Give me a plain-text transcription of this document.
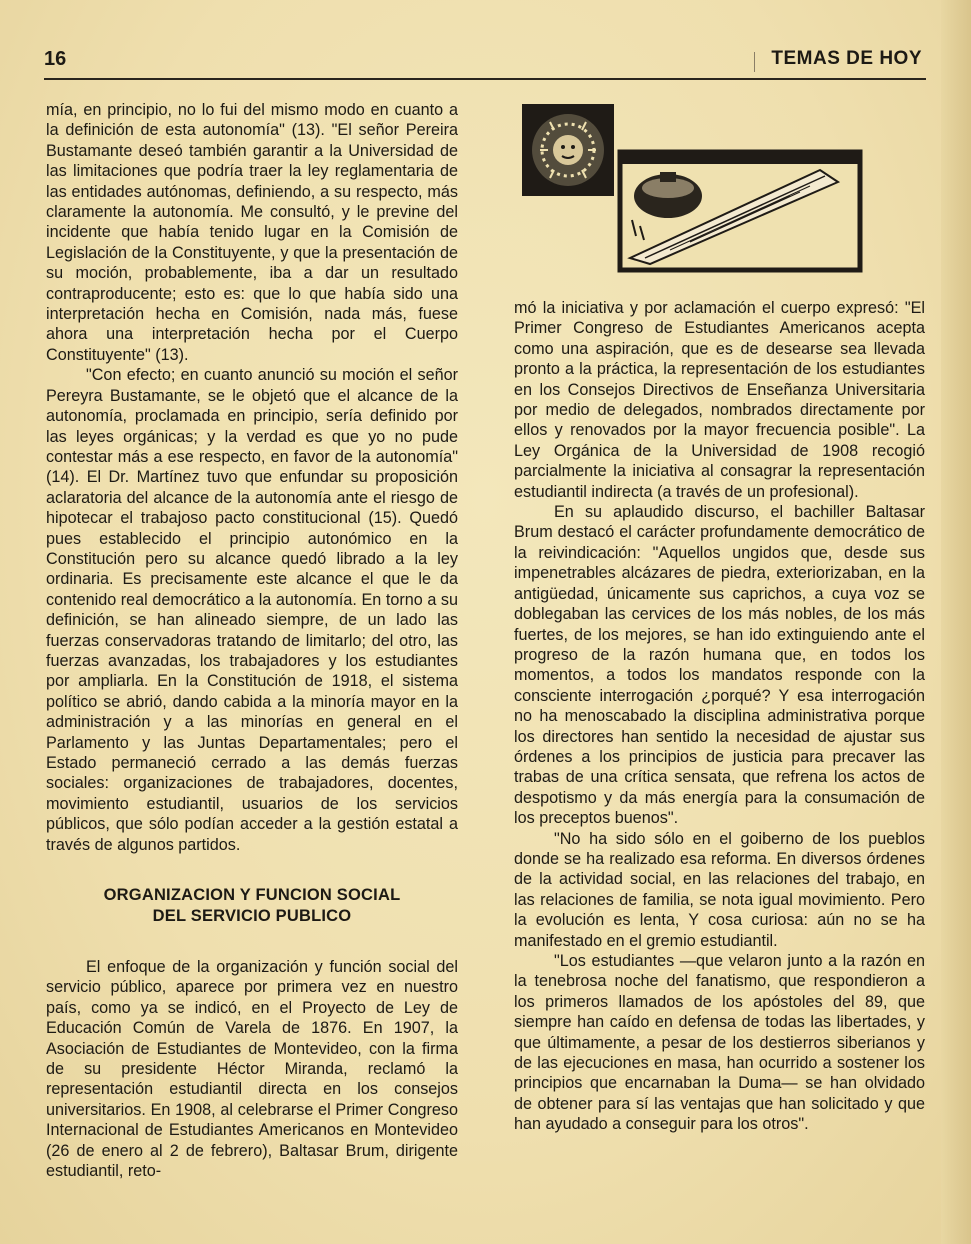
16	TEMAS DE HOY

mía, en principio, no lo fui del mismo modo en cuanto a la definición de esta autonomía" (13). "El señor Pereira Bustamante deseó también garantir a la Universidad de las limitaciones que podría traer la ley reglamentaria de las entidades autónomas, definiendo, a su respecto, más claramente la autonomía. Me consultó, y le previne del incidente que había tenido lugar en la Comisión de Legislación de la Constituyente, y que la presentación de su moción, probablemente, iba a dar un resultado contraproducente; esto es: que lo que había sido una interpretación hecha en Comisión, nada más, fuese ahora una interpretación hecha por el Cuerpo Constituyente" (13).

"Con efecto; en cuanto anunció su moción el señor Pereyra Bustamante, se le objetó que el alcance de la autonomía, proclamada en principio, sería definido por las leyes orgánicas; y la verdad es que yo no pude contestar más a ese respecto, en favor de la autonomía" (14). El Dr. Martínez tuvo que enfundar su proposición aclaratoria del alcance de la autonomía ante el riesgo de hipotecar el trabajoso pacto constitucional (15). Quedó pues establecido el principio autonómico en la Constitución pero su alcance quedó librado a la ley ordinaria. Es precisamente este alcance el que le da contenido real democrático a la autonomía. En torno a su definición, se han alineado siempre, de un lado las fuerzas conservadoras tratando de limitarlo; del otro, las fuerzas avanzadas, los trabajadores y los estudiantes por ampliarla. En la Constitución de 1918, el sistema político se abrió, dando cabida a la minoría mayor en la administración y a las minorías en general en el Parlamento y las Juntas Departamentales; pero el Estado permaneció cerrado a las demás fuerzas sociales: organizaciones de trabajadores, docentes, movimiento estudiantil, usuarios de los servicios públicos, que sólo podían acceder a la gestión estatal a través de algunos partidos.

ORGANIZACION Y FUNCION SOCIAL
DEL SERVICIO PUBLICO

El enfoque de la organización y función social del servicio público, aparece por primera vez en nuestro país, como ya se indicó, en el Proyecto de Ley de Educación Común de Varela de 1876. En 1907, la Asociación de Estudiantes de Montevideo, con la firma de su presidente Héctor Miranda, reclamó la representación estudiantil directa en los consejos universitarios. En 1908, al celebrarse el Primer Congreso Internacional de Estudiantes Americanos en Montevideo (26 de enero al 2 de febrero), Baltasar Brum, dirigente estudiantil, reto-

mó la iniciativa y por aclamación el cuerpo expresó: "El Primer Congreso de Estudiantes Americanos acepta como una aspiración, que es de desearse sea llevada pronto a la práctica, la representación de los estudiantes en los Consejos Directivos de Enseñanza Universitaria por medio de delegados, nombrados directamente por ellos y renovados por la mayor frecuencia posible". La Ley Orgánica de la Universidad de 1908 recogió parcialmente la iniciativa al consagrar la representación estudiantil indirecta (a través de un profesional).

En su aplaudido discurso, el bachiller Baltasar Brum destacó el carácter profundamente democrático de la reivindicación: "Aquellos ungidos que, desde sus impenetrables alcázares de piedra, exteriorizaban, en la antigüedad, únicamente sus caprichos, a cuya voz se doblegaban las cervices de los más nobles, de los más fuertes, de los mejores, se han ido extinguiendo ante el progreso de la razón humana que, en todos los momentos, a todos los mandatos responde con la consciente interrogación ¿porqué? Y esa interrogación no ha menoscabado la disciplina administrativa porque los directores han sentido la necesidad de ajustar sus órdenes a los principios de justicia para precaver las trabas de una crítica sensata, que refrena los actos de despotismo y da más energía para la consumación de los preceptos buenos".

"No ha sido sólo en el goiberno de los pueblos donde se ha realizado esa reforma. En diversos órdenes de la actividad social, en las relaciones del trabajo, en las relaciones de familia, se nota igual movimiento. Pero la evolución es lenta, Y cosa curiosa: aún no se ha manifestado en el gremio estudiantil.

"Los estudiantes —que velaron junto a la razón en la tenebrosa noche del fanatismo, que respondieron a los primeros llamados de los apóstoles del 89, que siempre han caído en defensa de todas las libertades, y que últimamente, a pesar de los destierros siberianos y de las ejecuciones en masa, han ocurrido a sostener los principios que encarnaban la Duma— se han olvidado de obtener para sí las ventajas que han solicitado y que han ayudado a conseguir para los otros".
